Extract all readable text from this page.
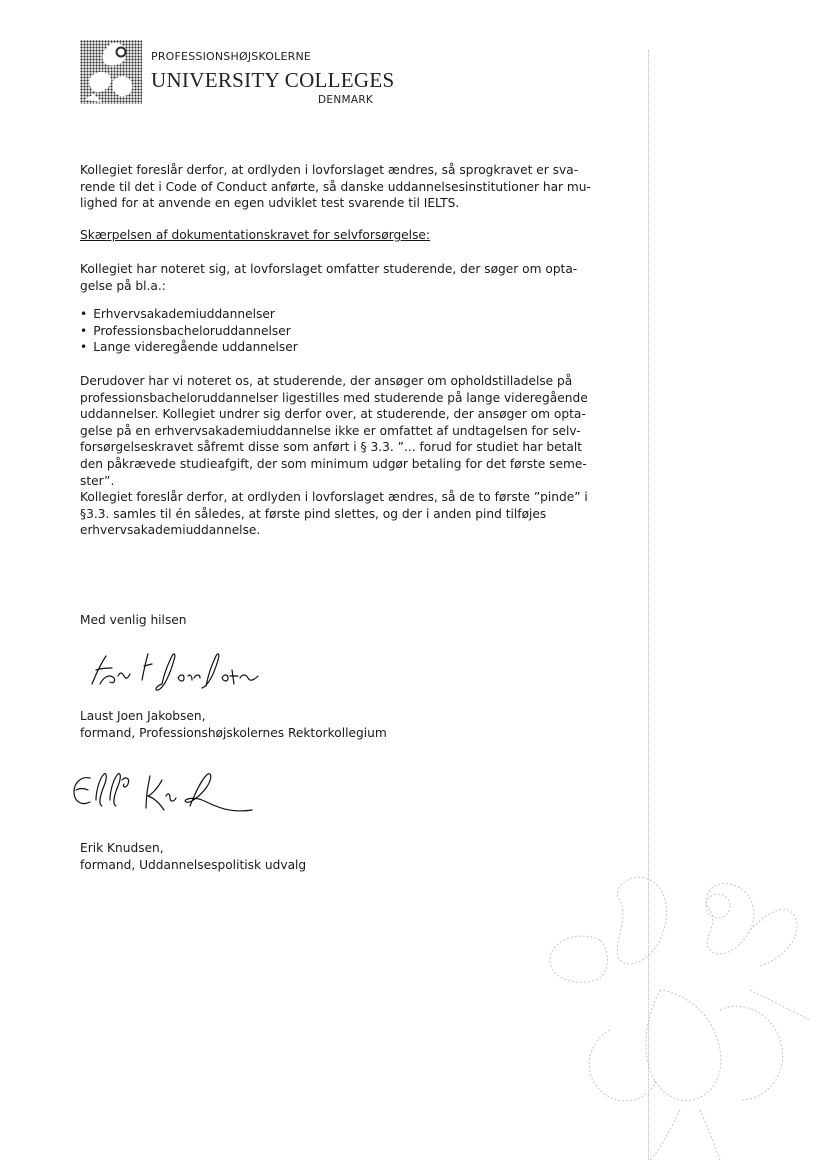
PROFESSIONSHØJSKOLERNE
UNIVERSITY COLLEGES
DENMARK

Kollegiet foreslår derfor, at ordlyden i lovforslaget ændres, så sprogkravet er sva-

rende til det i Code of Conduct anførte, så danske uddannelsesinstitutioner har mu-

lighed for at anvende en egen udviklet test svarende til IELTS.

Skærpelsen af dokumentationskravet for selvforsørgelse:

Kollegiet har noteret sig, at lovforslaget omfatter studerende, der søger om opta-

gelse på bl.a.:

• Erhvervsakademiuddannelser
• Professionsbacheloruddannelser
• Lange videregående uddannelser

Derudover har vi noteret os, at studerende, der ansøger om opholdstilladelse på

professionsbacheloruddannelser ligestilles med studerende på lange videregående

uddannelser. Kollegiet undrer sig derfor over, at studerende, der ansøger om opta-

gelse på en erhvervsakademiuddannelse ikke er omfattet af undtagelsen for selv-

forsørgelseskravet såfremt disse som anført i § 3.3. ”... forud for studiet har betalt

den påkrævede studieafgift, der som minimum udgør betaling for det første seme-

ster”.

Kollegiet foreslår derfor, at ordlyden i lovforslaget ændres, så de to første ”pinde” i

§3.3. samles til én således, at første pind slettes, og der i anden pind tilføjes

erhvervsakademiuddannelse.

Med venlig hilsen
Laust Joen Jakobsen,
formand, Professionshøjskolernes Rektorkollegium
Erik Knudsen,
formand, Uddannelsespolitisk udvalg
